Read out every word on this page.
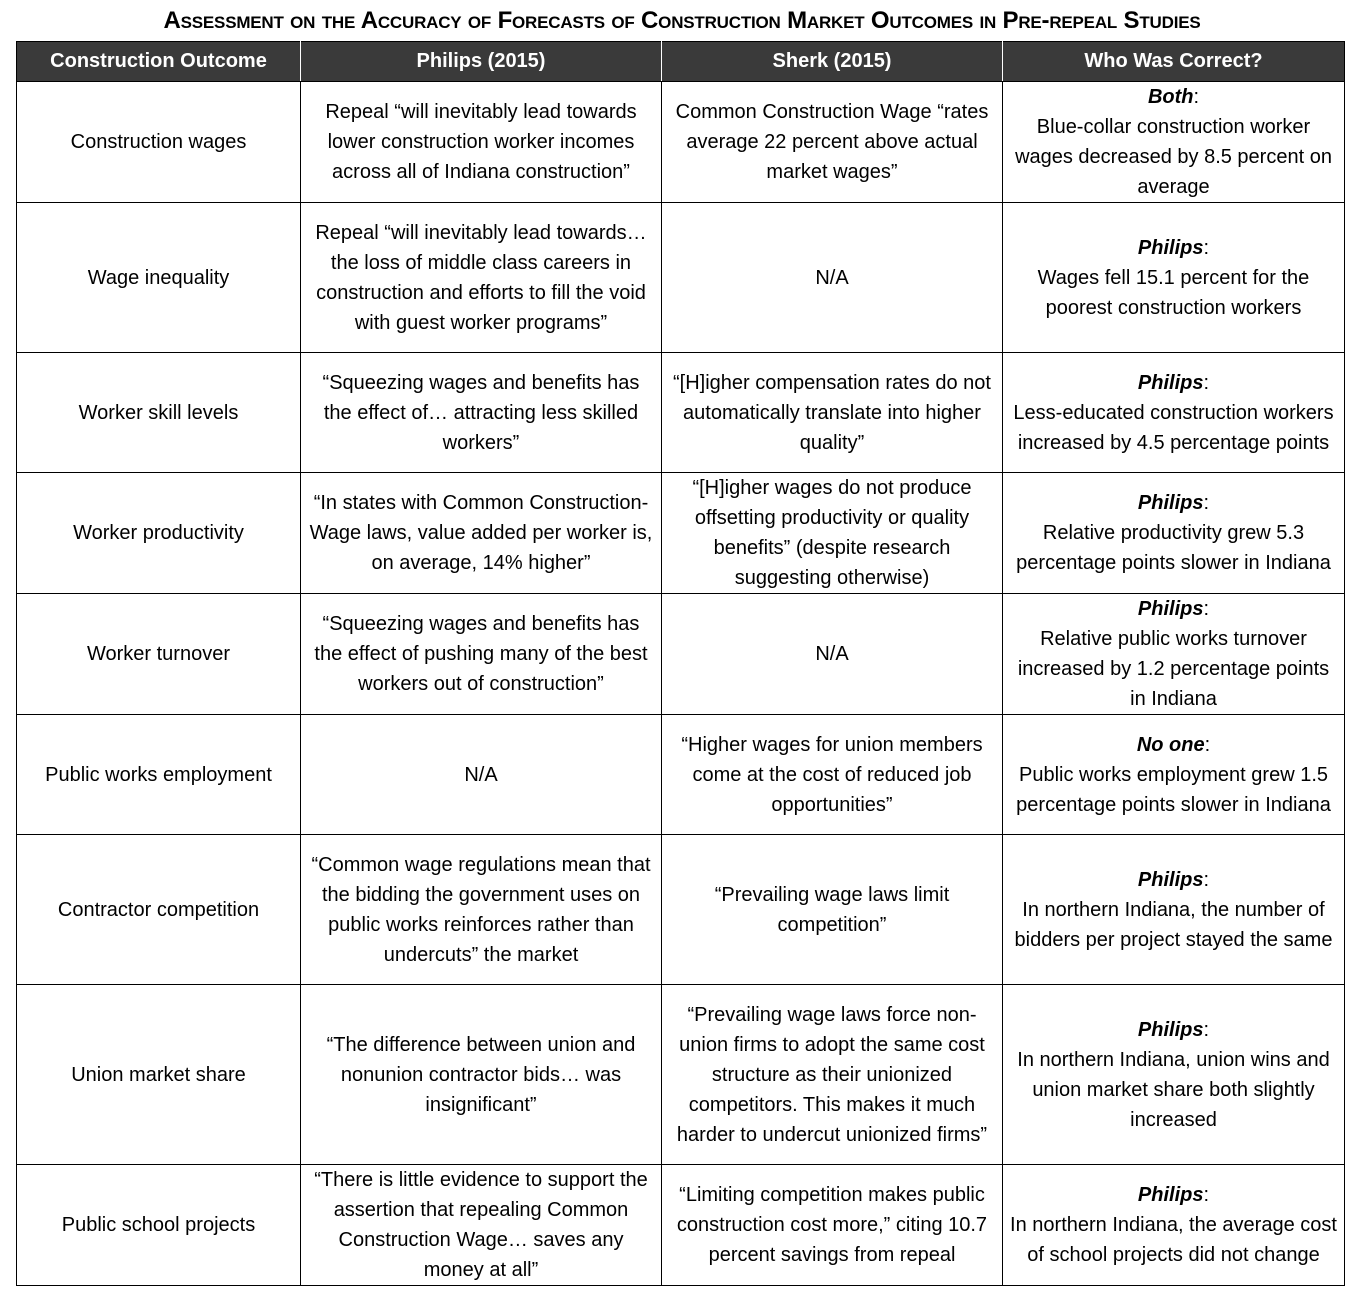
Assessment on the Accuracy of Forecasts of Construction Market Outcomes in Pre-repeal Studies
Construction Outcome	Philips (2015)	Sherk (2015)	Who Was Correct?
Construction wages	Repeal “will inevitably lead towards lower construction worker incomes across all of Indiana construction”	Common Construction Wage “rates average 22 percent above actual market wages”	Both:
Blue-collar construction worker wages decreased by 8.5 percent on average
Wage inequality	Repeal “will inevitably lead towards… the loss of middle class careers in construction and efforts to fill the void with guest worker programs”	N/A	Philips:
Wages fell 15.1 percent for the poorest construction workers
Worker skill levels	“Squeezing wages and benefits has the effect of… attracting less skilled workers”	“[H]igher compensation rates do not automatically translate into higher quality”	Philips:
Less-educated construction workers increased by 4.5 percentage points
Worker productivity	“In states with Common Construction-Wage laws, value added per worker is, on average, 14% higher”	“[H]igher wages do not produce offsetting productivity or quality benefits” (despite research suggesting otherwise)	Philips:
Relative productivity grew 5.3 percentage points slower in Indiana
Worker turnover	“Squeezing wages and benefits has the effect of pushing many of the best workers out of construction”	N/A	Philips:
Relative public works turnover increased by 1.2 percentage points in Indiana
Public works employment	N/A	“Higher wages for union members come at the cost of reduced job opportunities”	No one:
Public works employment grew 1.5 percentage points slower in Indiana
Contractor competition	“Common wage regulations mean that the bidding the government uses on public works reinforces rather than undercuts” the market	“Prevailing wage laws limit competition”	Philips:
In northern Indiana, the number of bidders per project stayed the same
Union market share	“The difference between union and nonunion contractor bids… was insignificant”	“Prevailing wage laws force non-union firms to adopt the same cost structure as their unionized competitors. This makes it much harder to undercut unionized firms”	Philips:
In northern Indiana, union wins and union market share both slightly increased
Public school projects	“There is little evidence to support the assertion that repealing Common Construction Wage… saves any money at all”	“Limiting competition makes public construction cost more,” citing 10.7 percent savings from repeal	Philips:
In northern Indiana, the average cost of school projects did not change
